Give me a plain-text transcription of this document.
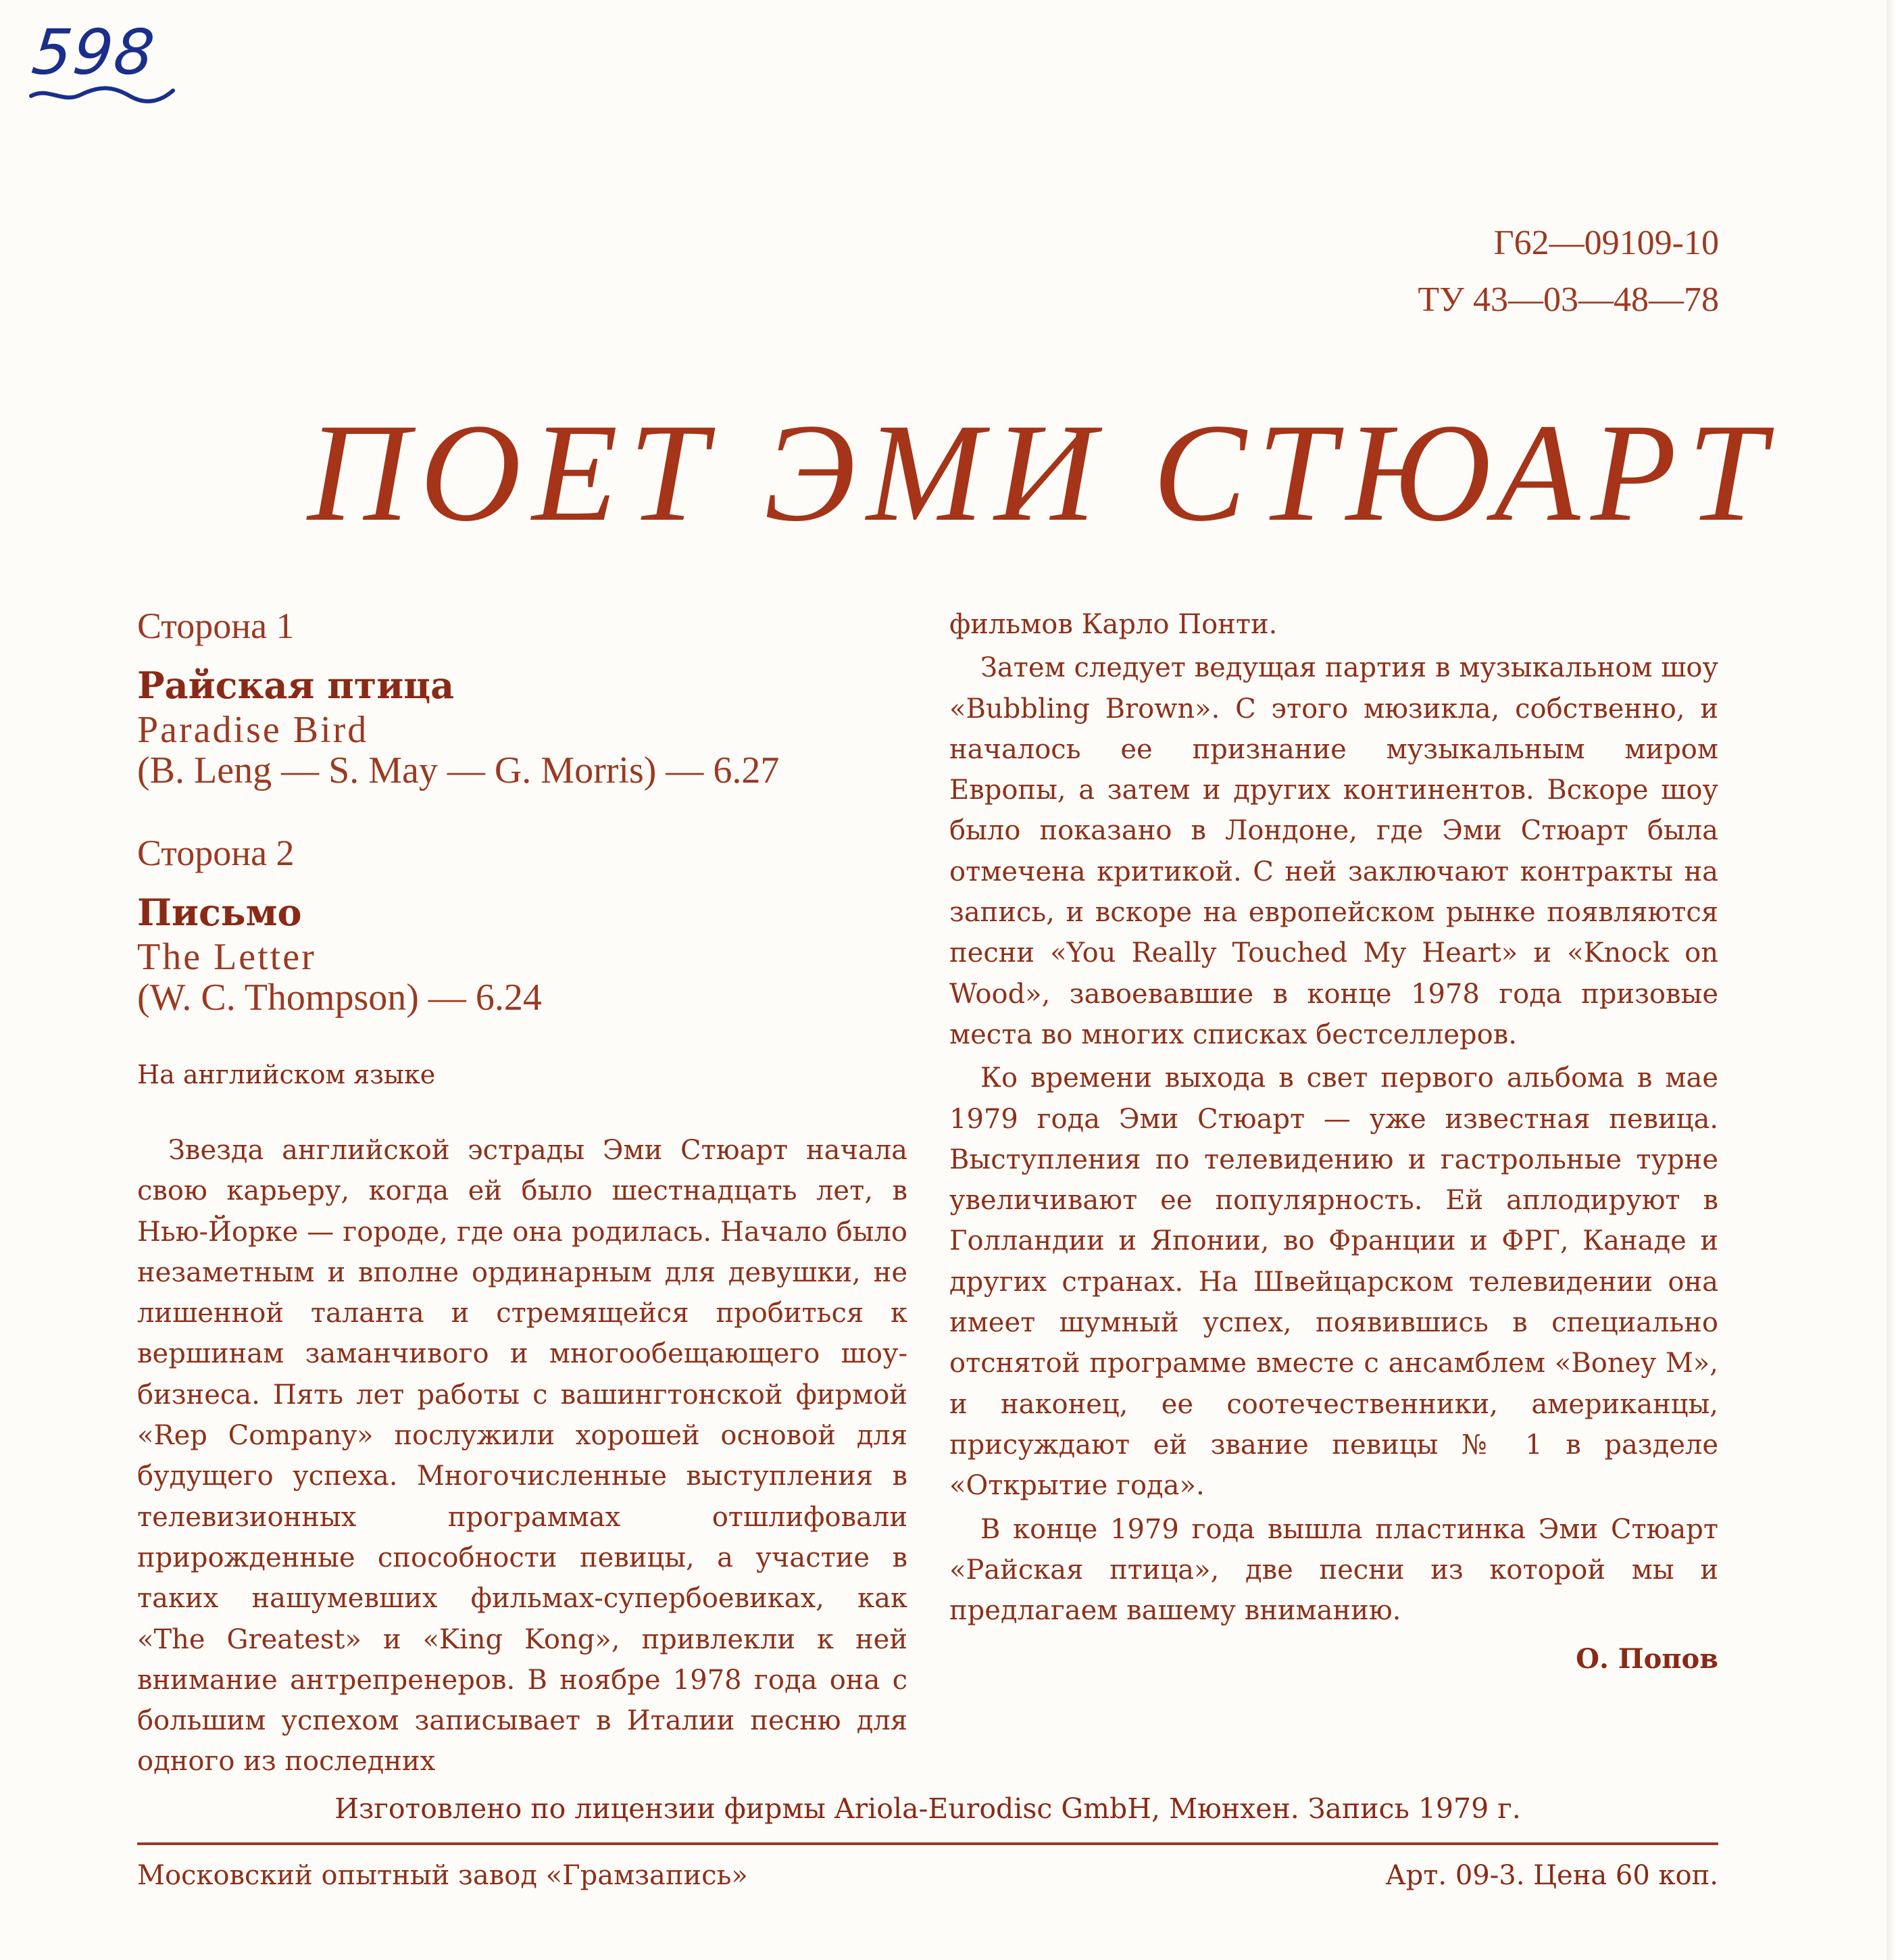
598
Г62—09109-10
ТУ 43—03—48—78
ПОЕТ ЭМИ СТЮАРТ
Сторона 1
Райская птица
Paradise Bird
(B. Leng — S. May — G. Morris) — 6.27
Сторона 2
Письмо
The Letter
(W. C. Thompson) — 6.24
На английском языке

Звезда английской эстрады Эми Стюарт начала свою карьеру, когда ей было шестнадцать лет, в Нью-Йорке — городе, где она родилась. Начало было незаметным и вполне ординарным для девушки, не лишенной таланта и стремящейся пробиться к вершинам заманчивого и многообещающего шоу-бизнеса. Пять лет работы с вашингтонской фирмой «Rep Company» послужили хорошей основой для будущего успеха. Многочисленные выступления в телевизионных программах отшлифовали прирожденные способности певицы, а участие в таких нашумевших фильмах-супербоевиках, как «The Greatest» и «King Kong», привлекли к ней внимание антрепренеров. В ноябре 1978 года она с большим успехом записывает в Италии песню для одного из последних

фильмов Карло Понти.

Затем следует ведущая партия в музыкальном шоу «Bubbling Brown». С этого мюзикла, собственно, и началось ее признание музыкальным миром Европы, а затем и других континентов. Вскоре шоу было показано в Лондоне, где Эми Стюарт была отмечена критикой. С ней заключают контракты на запись, и вскоре на европейском рынке появляются песни «You Really Touched My Heart» и «Knock on Wood», завоевавшие в конце 1978 года призовые места во многих списках бестселлеров.

Ко времени выхода в свет первого альбома в мае 1979 года Эми Стюарт — уже известная певица. Выступления по телевидению и гастрольные турне увеличивают ее популярность. Ей аплодируют в Голландии и Японии, во Франции и ФРГ, Канаде и других странах. На Швейцарском телевидении она имеет шумный успех, появившись в специально отснятой программе вместе с ансамблем «Boney M», и наконец, ее соотечественники, американцы, присуждают ей звание певицы № 1 в разделе «Открытие года».

В конце 1979 года вышла пластинка Эми Стюарт «Райская птица», две песни из которой мы и предлагаем вашему вниманию.

О. Попов
Изготовлено по лицензии фирмы Ariola-Eurodisc GmbH, Мюнхен. Запись 1979 г.
Московский опытный завод «Грамзапись»	Арт. 09-3. Цена 60 коп.
